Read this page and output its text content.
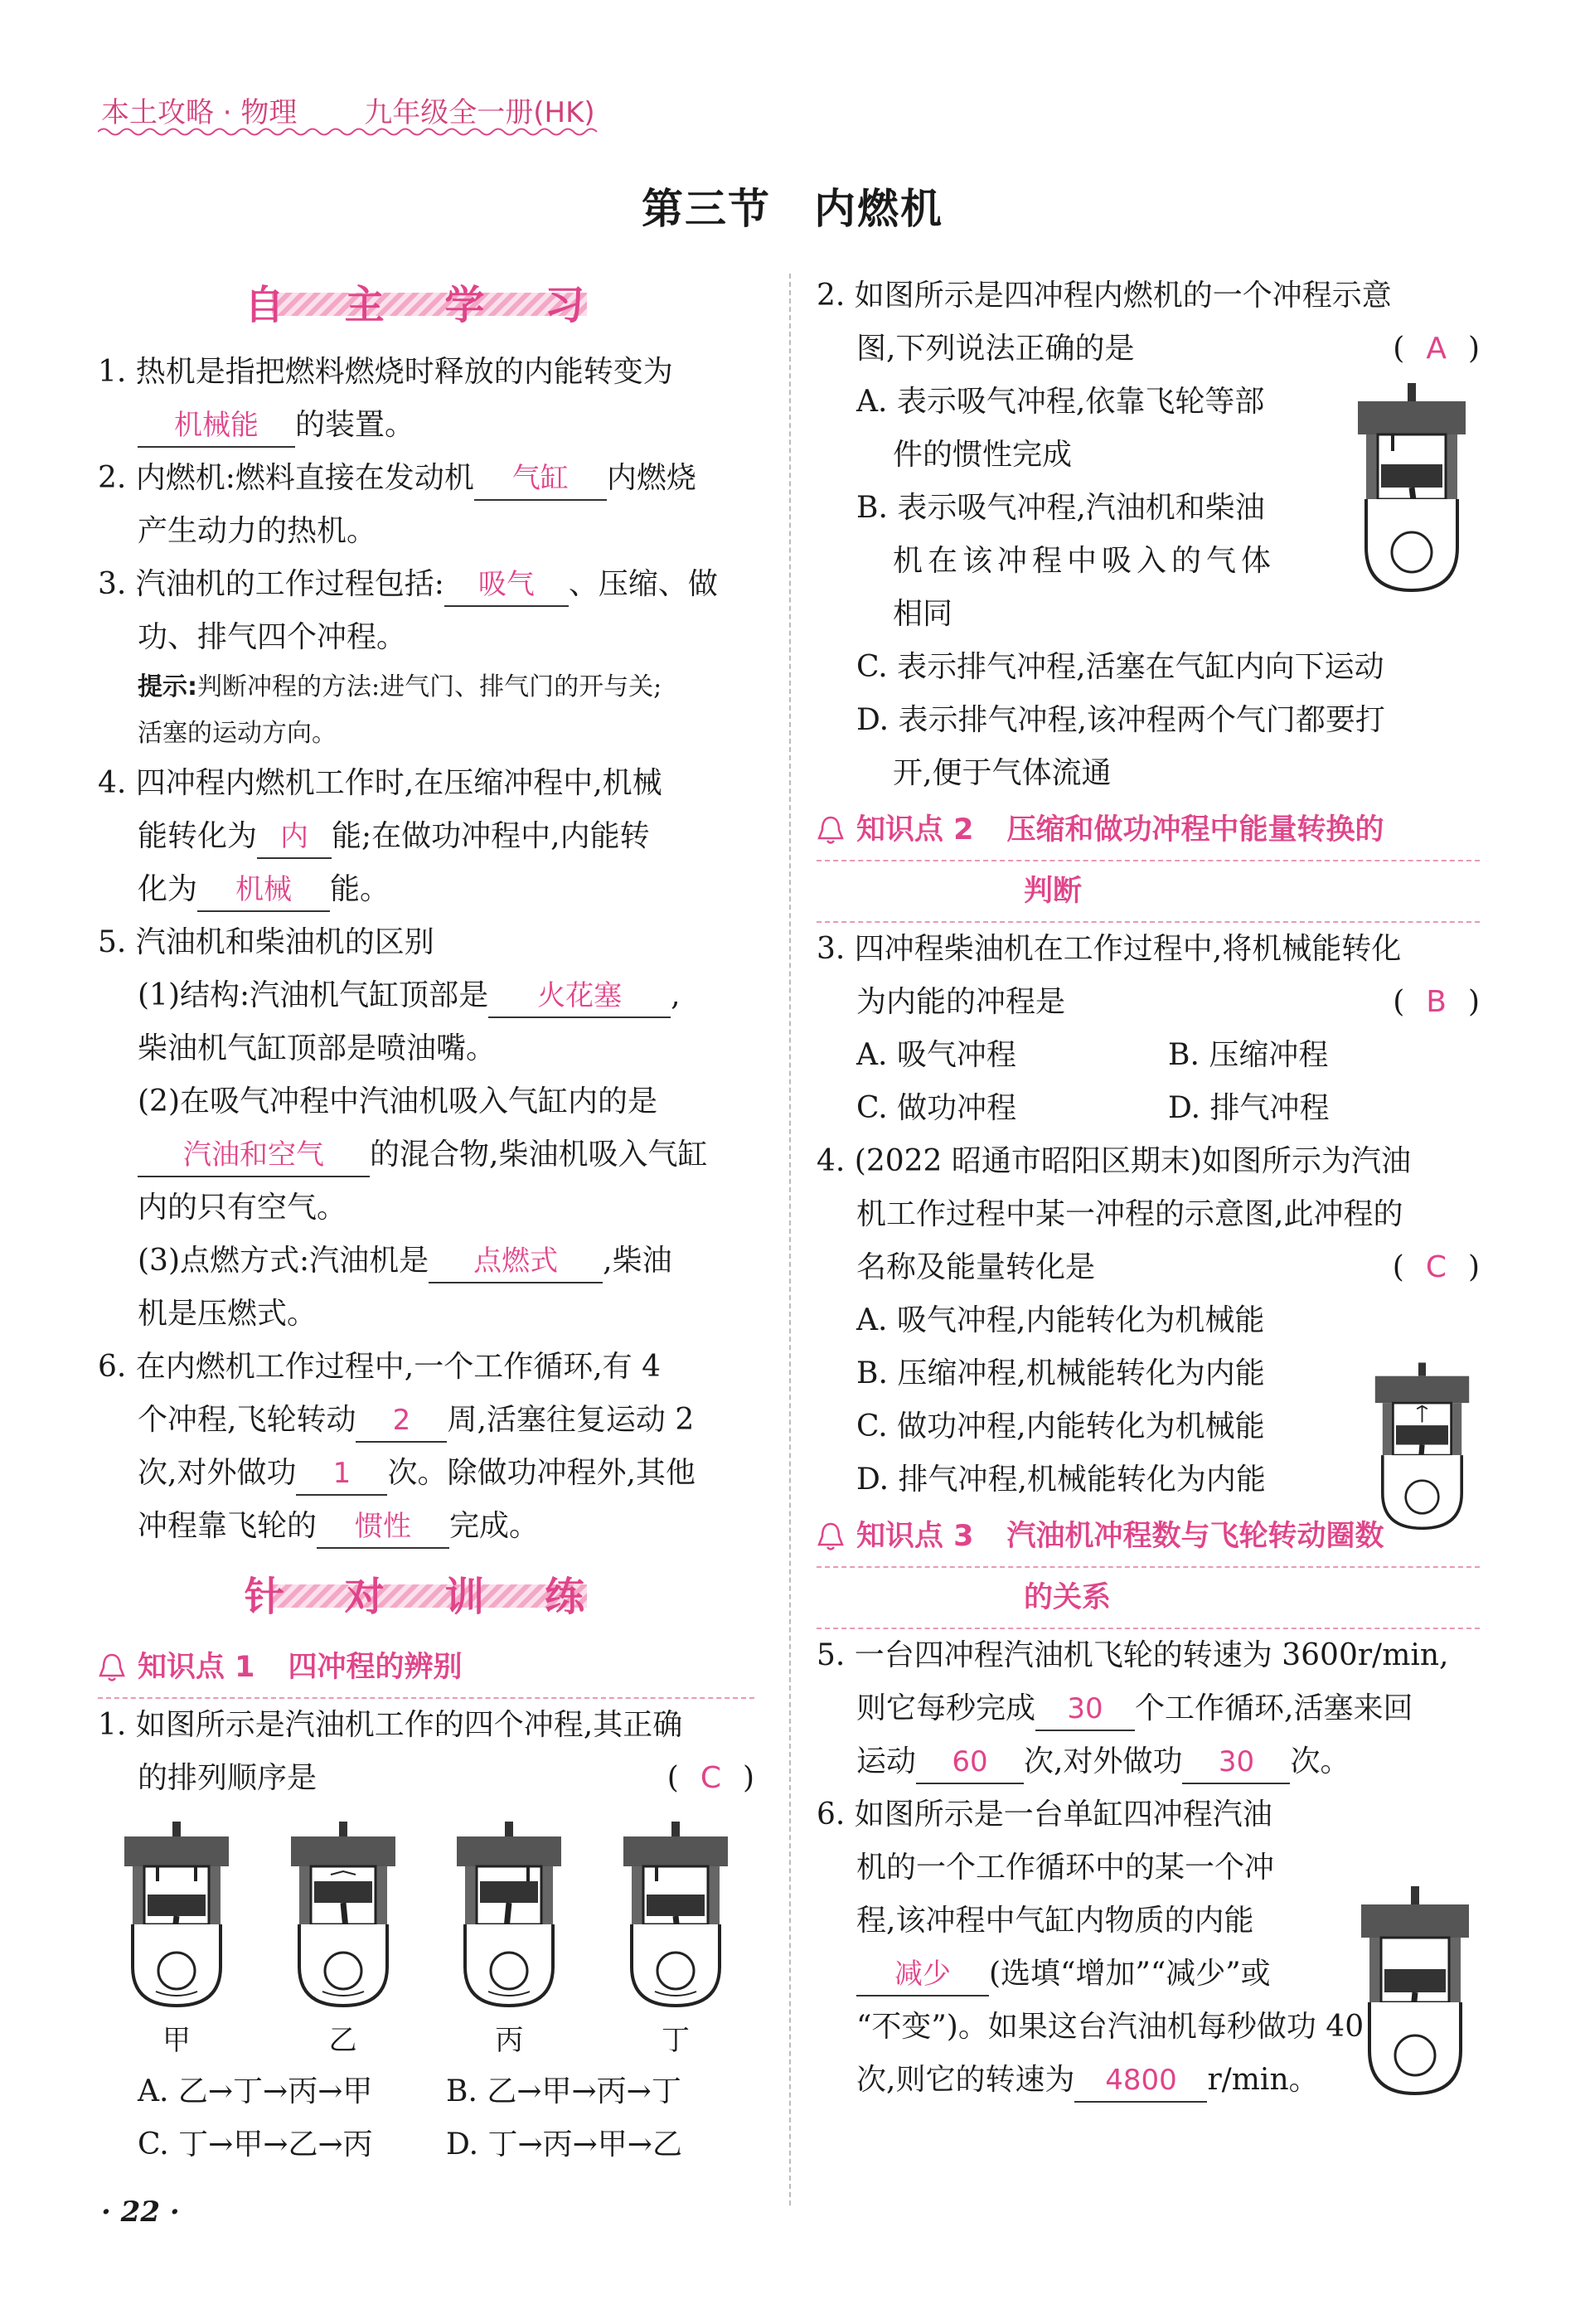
本土攻略 · 物理 九年级全一册(HK)
第三节　内燃机
自 主 学 习
1. 热机是指把燃料燃烧时释放的内能转变为
机械能 的装置。
2. 内燃机:燃料直接在发动机 气缸 内燃烧
产生动力的热机。
3. 汽油机的工作过程包括: 吸气 、压缩、做
功、排气四个冲程。
提示:判断冲程的方法:进气门、排气门的开与关;
活塞的运动方向。
4. 四冲程内燃机工作时,在压缩冲程中,机械
能转化为 内 能;在做功冲程中,内能转
化为 机械 能。
5. 汽油机和柴油机的区别
(1)结构:汽油机气缸顶部是 火花塞 ,
柴油机气缸顶部是喷油嘴。
(2)在吸气冲程中汽油机吸入气缸内的是
汽油和空气 的混合物,柴油机吸入气缸
内的只有空气。
(3)点燃方式:汽油机是 点燃式 ,柴油
机是压燃式。
6. 在内燃机工作过程中,一个工作循环,有 4
个冲程,飞轮转动 2 周,活塞往复运动 2
次,对外做功 1 次。除做功冲程外,其他
冲程靠飞轮的 惯性 完成。
针 对 训 练
知识点 1 四冲程的辨别
1. 如图所示是汽油机工作的四个冲程,其正确
的排列顺序是	( C )
甲	乙	丙	丁
A. 乙→丁→丙→甲	B. 乙→甲→丙→丁
C. 丁→甲→乙→丙	D. 丁→丙→甲→乙
2. 如图所示是四冲程内燃机的一个冲程示意
图,下列说法正确的是	( A )
A. 表示吸气冲程,依靠飞轮等部
件的惯性完成
B. 表示吸气冲程,汽油机和柴油
机在该冲程中吸入的气体
相同
C. 表示排气冲程,活塞在气缸内向下运动
D. 表示排气冲程,该冲程两个气门都要打
开,便于气体流通
知识点 2 压缩和做功冲程中能量转换的
判断
3. 四冲程柴油机在工作过程中,将机械能转化
为内能的冲程是	( B )
A. 吸气冲程	B. 压缩冲程
C. 做功冲程	D. 排气冲程
4. (2022 昭通市昭阳区期末)如图所示为汽油
机工作过程中某一冲程的示意图,此冲程的
名称及能量转化是	( C )
A. 吸气冲程,内能转化为机械能
B. 压缩冲程,机械能转化为内能
C. 做功冲程,内能转化为机械能
D. 排气冲程,机械能转化为内能
知识点 3 汽油机冲程数与飞轮转动圈数
的关系
5. 一台四冲程汽油机飞轮的转速为 3600r/min,
则它每秒完成 30 个工作循环,活塞来回
运动 60 次,对外做功 30 次。
6. 如图所示是一台单缸四冲程汽油
机的一个工作循环中的某一个冲
程,该冲程中气缸内物质的内能
减少 (选填“增加”“减少”或
“不变”)。如果这台汽油机每秒做功 40
次,则它的转速为 4800 r/min。
· 22 ·
